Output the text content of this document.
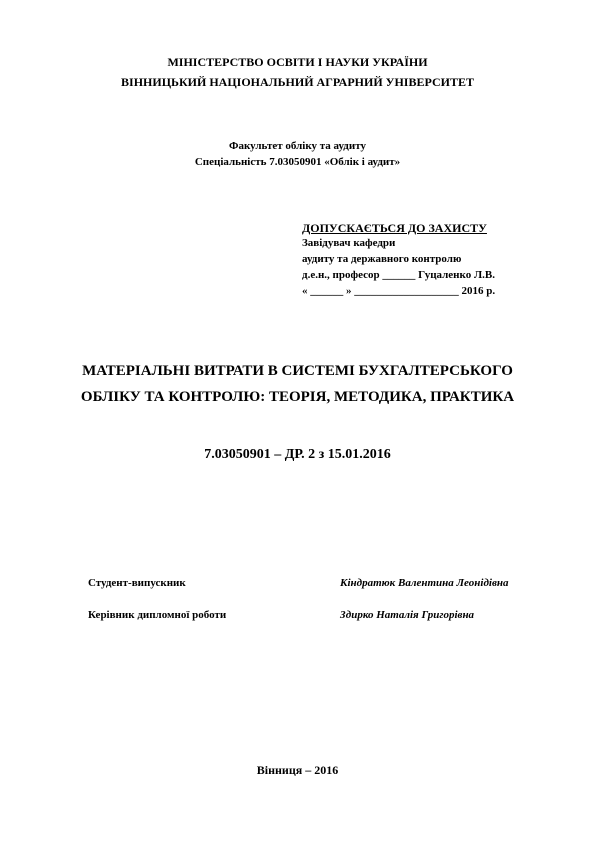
МІНІСТЕРСТВО ОСВІТИ І НАУКИ УКРАЇНИ
ВІННИЦЬКИЙ НАЦІОНАЛЬНИЙ АГРАРНИЙ УНІВЕРСИТЕТ
Факультет обліку та аудиту
Спеціальність 7.03050901 «Облік і аудит»
ДОПУСКАЄТЬСЯ ДО ЗАХИСТУ
Завідувач кафедри
аудиту та державного контролю
д.е.н., професор ______ Гуцаленко Л.В.
« ______ » ___________________ 2016 р.
МАТЕРІАЛЬНІ ВИТРАТИ В СИСТЕМІ БУХГАЛТЕРСЬКОГО
ОБЛІКУ ТА КОНТРОЛЮ: ТЕОРІЯ, МЕТОДИКА, ПРАКТИКА
7.03050901 – ДР. 2 з 15.01.2016
Студент-випускник	Кіндратюк Валентина Леонідівна
Керівник дипломної роботи	Здирко Наталія Григорівна
Вінниця – 2016
